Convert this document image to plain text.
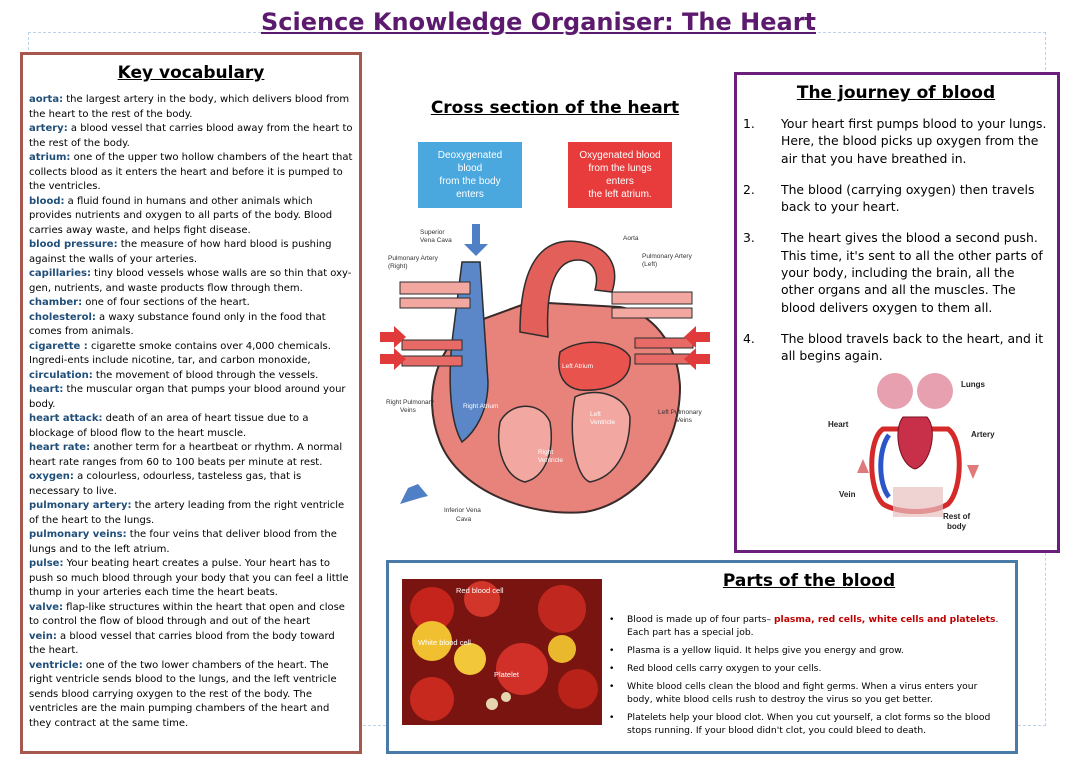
Science Knowledge Organiser: The Heart
Key vocabulary

aorta: the largest artery in the body, which delivers blood from the heart to the rest of the body.

artery: a blood vessel that carries blood away from the heart to the rest of the body.

atrium: one of the upper two hollow chambers of the heart that collects blood as it enters the heart and before it is pumped to the ventricles.

blood: a fluid found in humans and other animals which provides nutrients and oxygen to all parts of the body. Blood carries away waste, and helps fight disease.

blood pressure: the measure of how hard blood is pushing against the walls of your arteries.

capillaries: tiny blood vessels whose walls are so thin that oxy-gen, nutrients, and waste products flow through them.

chamber: one of four sections of the heart.

cholesterol: a waxy substance found only in the food that comes from animals.

cigarette : cigarette smoke contains over 4,000 chemicals. Ingredi-ents include nicotine, tar, and carbon monoxide,

circulation: the movement of blood through the vessels.

heart: the muscular organ that pumps your blood around your body.

heart attack: death of an area of heart tissue due to a blockage of blood flow to the heart muscle.

heart rate: another term for a heartbeat or rhythm. A normal heart rate ranges from 60 to 100 beats per minute at rest.

oxygen: a colourless, odourless, tasteless gas, that is necessary to live.

pulmonary artery: the artery leading from the right ventricle of the heart to the lungs.

pulmonary veins: the four veins that deliver blood from the lungs and to the left atrium.

pulse: Your beating heart creates a pulse. Your heart has to push so much blood through your body that you can feel a little thump in your arteries each time the heart beats.

valve: flap-like structures within the heart that open and close to control the flow of blood through and out of the heart

vein: a blood vessel that carries blood from the body toward the heart.

ventricle: one of the two lower chambers of the heart. The right ventricle sends blood to the lungs, and the left ventricle sends blood carrying oxygen to the rest of the body. The ventricles are the main pumping chambers of the heart and they contract at the same time.

Cross section of the heart
Deoxygenated
blood
from the body
enters
Oxygenated blood
from the lungs
enters
the left atrium.
Superior
Vena Cava	Aorta
Pulmonary Artery
(Right)
Pulmonary Artery
(Left)
Left Atrium
Right Atrium
Left
Ventricle
Right
Ventricle
Right Pulmonary
Veins	Left Pulmonary
Veins
Inferior Vena
Cava
The journey of blood
1.	Your heart first pumps blood to your lungs. Here, the blood picks up oxygen from the air that you have breathed in.
2.	The blood (carrying oxygen) then travels back to your heart.
3.	The heart gives the blood a second push. This time, it's sent to all the other parts of your body, including the brain, all the other organs and all the muscles. The blood delivers oxygen to them all.
4.	The blood travels back to the heart, and it all begins again.
Lungs
Heart
Artery
Vein
Rest of
body
Parts of the blood
Red blood cell
White blood cell
Platelet
• Blood is made up of four parts– plasma, red cells, white cells and platelets.
Each part has a special job.
• Plasma is a yellow liquid. It helps give you energy and grow.
• Red blood cells carry oxygen to your cells.
• White blood cells clean the blood and fight germs. When a virus enters your body, white blood cells rush to destroy the virus so you get better.
• Platelets help your blood clot. When you cut yourself, a clot forms so the blood stops running. If your blood didn't clot, you could bleed to death.
